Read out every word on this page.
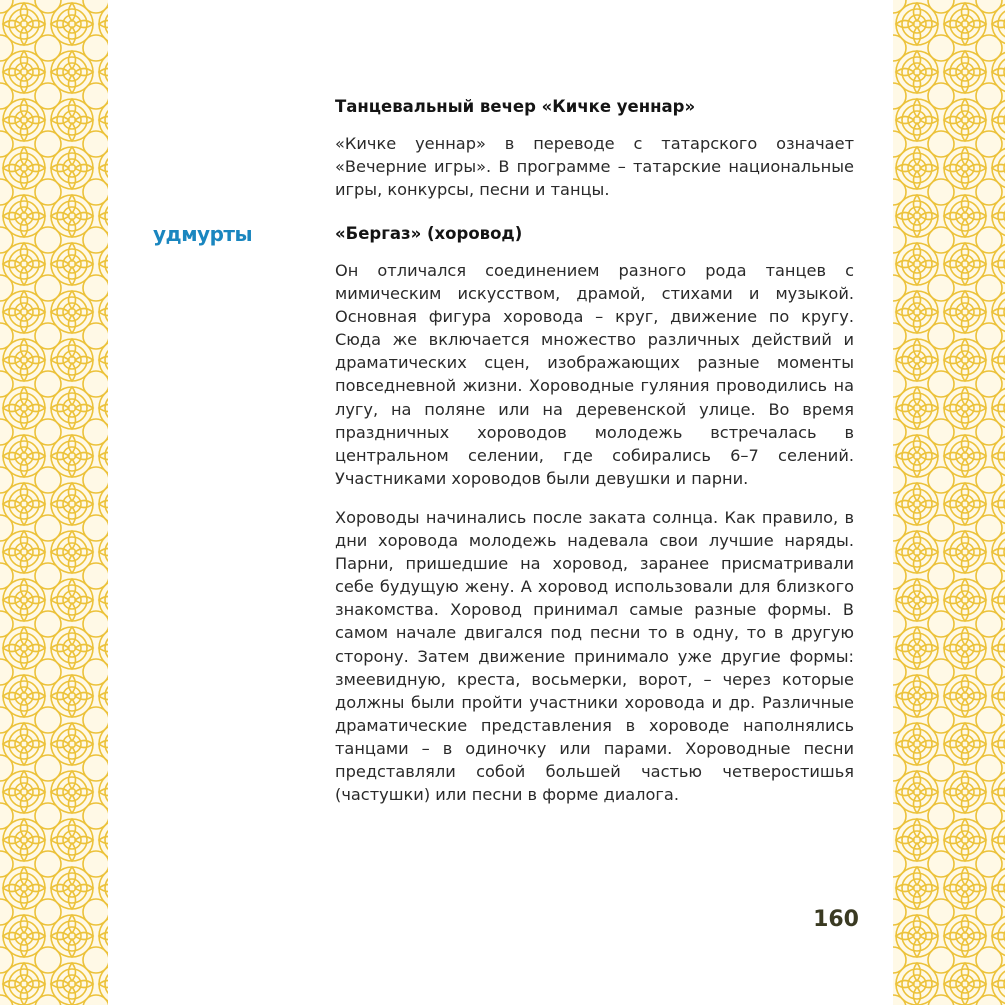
Танцевальный вечер «Кичке уеннар»

«Кичке уеннар» в переводе с татарского означает «Вечерние игры». В программе – татарские национальные игры, конкурсы, песни и танцы.

удмурты	«Бергаз» (хоровод)

Он отличался соединением разного рода танцев с мимическим искусством, драмой, стихами и музыкой. Основная фигура хоровода – круг, движение по кругу. Сюда же включается множество различных действий и драматических сцен, изображающих разные моменты повседневной жизни. Хороводные гуляния проводились на лугу, на поляне или на деревенской улице. Во время праздничных хороводов молодежь встречалась в центральном селении, где собирались 6–7 селений. Участниками хороводов были девушки и парни.

Хороводы начинались после заката солнца. Как правило, в дни хоровода молодежь надевала свои лучшие наряды. Парни, пришедшие на хоровод, заранее присматривали себе будущую жену. А хоровод использовали для близкого знакомства. Хоровод принимал самые разные формы. В самом начале двигался под песни то в одну, то в другую сторону. Затем движение принимало уже другие формы: змеевидную, креста, восьмерки, ворот, – через которые должны были пройти участники хоровода и др. Различные драматические представления в хороводе наполнялись танцами – в одиночку или парами. Хороводные песни представляли собой большей частью четверостишья (частушки) или песни в форме диалога.

160
